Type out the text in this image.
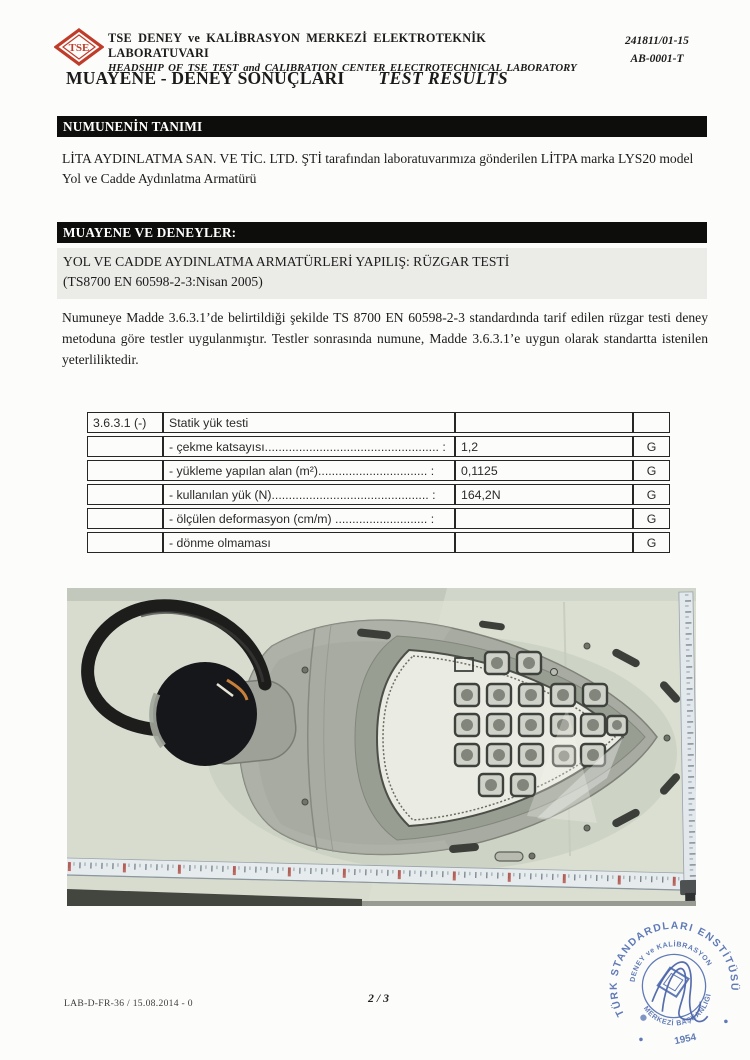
TSE
TSE DENEY ve KALİBRASYON MERKEZİ ELEKTROTEKNİK LABORATUVARI
HEADSHIP OF TSE TEST and CALIBRATION CENTER ELECTROTECHNICAL LABORATORY
241811/01-15
AB-0001-T
MUAYENE - DENEY SONUÇLARI TEST RESULTS
NUMUNENİN TANIMI
LİTA AYDINLATMA SAN. VE TİC. LTD. ŞTİ tarafından laboratuvarımıza gönderilen LİTPA marka LYS20 model Yol ve Cadde Aydınlatma Armatürü
MUAYENE VE DENEYLER:
YOL VE CADDE AYDINLATMA ARMATÜRLERİ YAPILIŞ: RÜZGAR TESTİ
(TS8700 EN 60598-2-3:Nisan 2005)
Numuneye Madde 3.6.3.1’de belirtildiği şekilde TS 8700 EN 60598-2-3 standardında tarif edilen rüzgar testi deney metoduna göre testler uygulanmıştır. Testler sonrasında numune, Madde 3.6.3.1’e uygun olarak standartta istenilen yeterliliktedir.
3.6.3.1 (-)	Statik yük testi		
	- çekme katsayısı................................................... :	1,2	G
	- yükleme yapılan alan (m²)................................ :	0,1125	G
	- kullanılan yük (N).............................................. :	164,2N	G
	- ölçülen deformasyon (cm/m) ........................... :		G
	- dönme olmaması		G
TÜRK STANDARDLARI ENSTİTÜSÜ
DENEY ve KALİBRASYON
MERKEZİ BAŞKANLIĞI
1954
LAB-D-FR-36 / 15.08.2014 - 0	2 / 3
